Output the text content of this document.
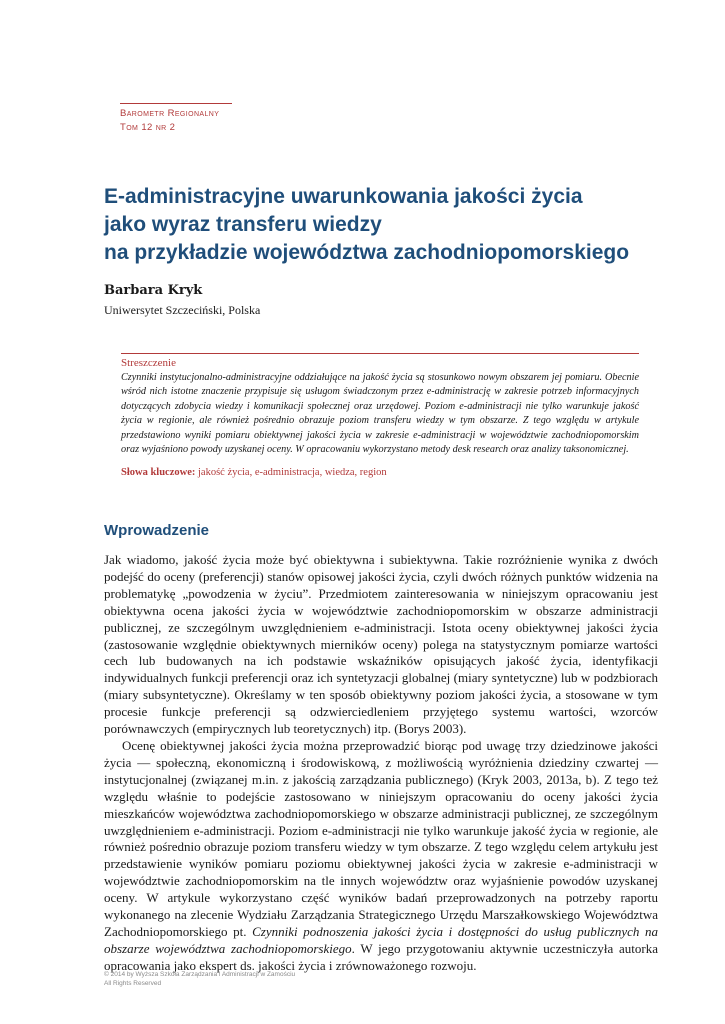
Barometr Regionalny
Tom 12 nr 2
E-administracyjne uwarunkowania jakości życia
jako wyraz transferu wiedzy
na przykładzie województwa zachodniopomorskiego
Barbara Kryk
Uniwersytet Szczeciński, Polska
Streszczenie

Czynniki instytucjonalno-administracyjne oddziałujące na jakość życia są stosunkowo nowym obszarem jej pomiaru. Obecnie wśród nich istotne znaczenie przypisuje się usługom świadczonym przez e-administrację w zakresie potrzeb informacyjnych dotyczących zdobycia wiedzy i komunikacji społecznej oraz urzędowej. Poziom e-administracji nie tylko warunkuje jakość życia w regionie, ale również pośrednio obrazuje poziom transferu wiedzy w tym obszarze. Z tego względu w artykule przedstawiono wyniki pomiaru obiektywnej jakości życia w zakresie e-administracji w województwie zachodniopomorskim oraz wyjaśniono powody uzyskanej oceny. W opracowaniu wykorzystano metody desk research oraz analizy taksonomicznej.

Słowa kluczowe: jakość życia, e-administracja, wiedza, region
Wprowadzenie

Jak wiadomo, jakość życia może być obiektywna i subiektywna. Takie rozróżnienie wynika z dwóch podejść do oceny (preferencji) stanów opisowej jakości życia, czyli dwóch różnych punktów widzenia na problematykę „powodzenia w życiu”. Przedmiotem zainteresowania w niniejszym opracowaniu jest obiektywna ocena jakości życia w województwie zachodniopomorskim w obszarze administracji publicznej, ze szczególnym uwzględnieniem e-administracji. Istota oceny obiektywnej jakości życia (zastosowanie względnie obiektywnych mierników oceny) polega na statystycznym pomiarze wartości cech lub budowanych na ich podstawie wskaźników opisujących jakość życia, identyfikacji indywidualnych funkcji preferencji oraz ich syntetyzacji globalnej (miary syntetyczne) lub w podzbiorach (miary subsyntetyczne). Określamy w ten sposób obiektywny poziom jakości życia, a stosowane w tym procesie funkcje preferencji są odzwierciedleniem przyjętego systemu wartości, wzorców porównawczych (empirycznych lub teoretycznych) itp. (Borys 2003).

Ocenę obiektywnej jakości życia można przeprowadzić biorąc pod uwagę trzy dziedzinowe jakości życia — społeczną, ekonomiczną i środowiskową, z możliwością wyróżnienia dziedziny czwartej — instytucjonalnej (związanej m.in. z jakością zarządzania publicznego) (Kryk 2003, 2013a, b). Z tego też względu właśnie to podejście zastosowano w niniejszym opracowaniu do oceny jakości życia mieszkańców województwa zachodniopomorskiego w obszarze administracji publicznej, ze szczególnym uwzględnieniem e-administracji. Poziom e-administracji nie tylko warunkuje jakość życia w regionie, ale również pośrednio obrazuje poziom transferu wiedzy w tym obszarze. Z tego względu celem artykułu jest przedstawienie wyników pomiaru poziomu obiektywnej jakości życia w zakresie e-administracji w województwie zachodniopomorskim na tle innych województw oraz wyjaśnienie powodów uzyskanej oceny. W artykule wykorzystano część wyników badań przeprowadzonych na potrzeby raportu wykonanego na zlecenie Wydziału Zarządzania Strategicznego Urzędu Marszałkowskiego Województwa Zachodniopomorskiego pt. Czynniki podnoszenia jakości życia i dostępności do usług publicznych na obszarze województwa zachodniopomorskiego. W jego przygotowaniu aktywnie uczestniczyła autorka opracowania jako ekspert ds. jakości życia i zrównoważonego rozwoju.

© 2014 by Wyższa Szkoła Zarządzania i Administracji w Zamościu
All Rights Reserved
